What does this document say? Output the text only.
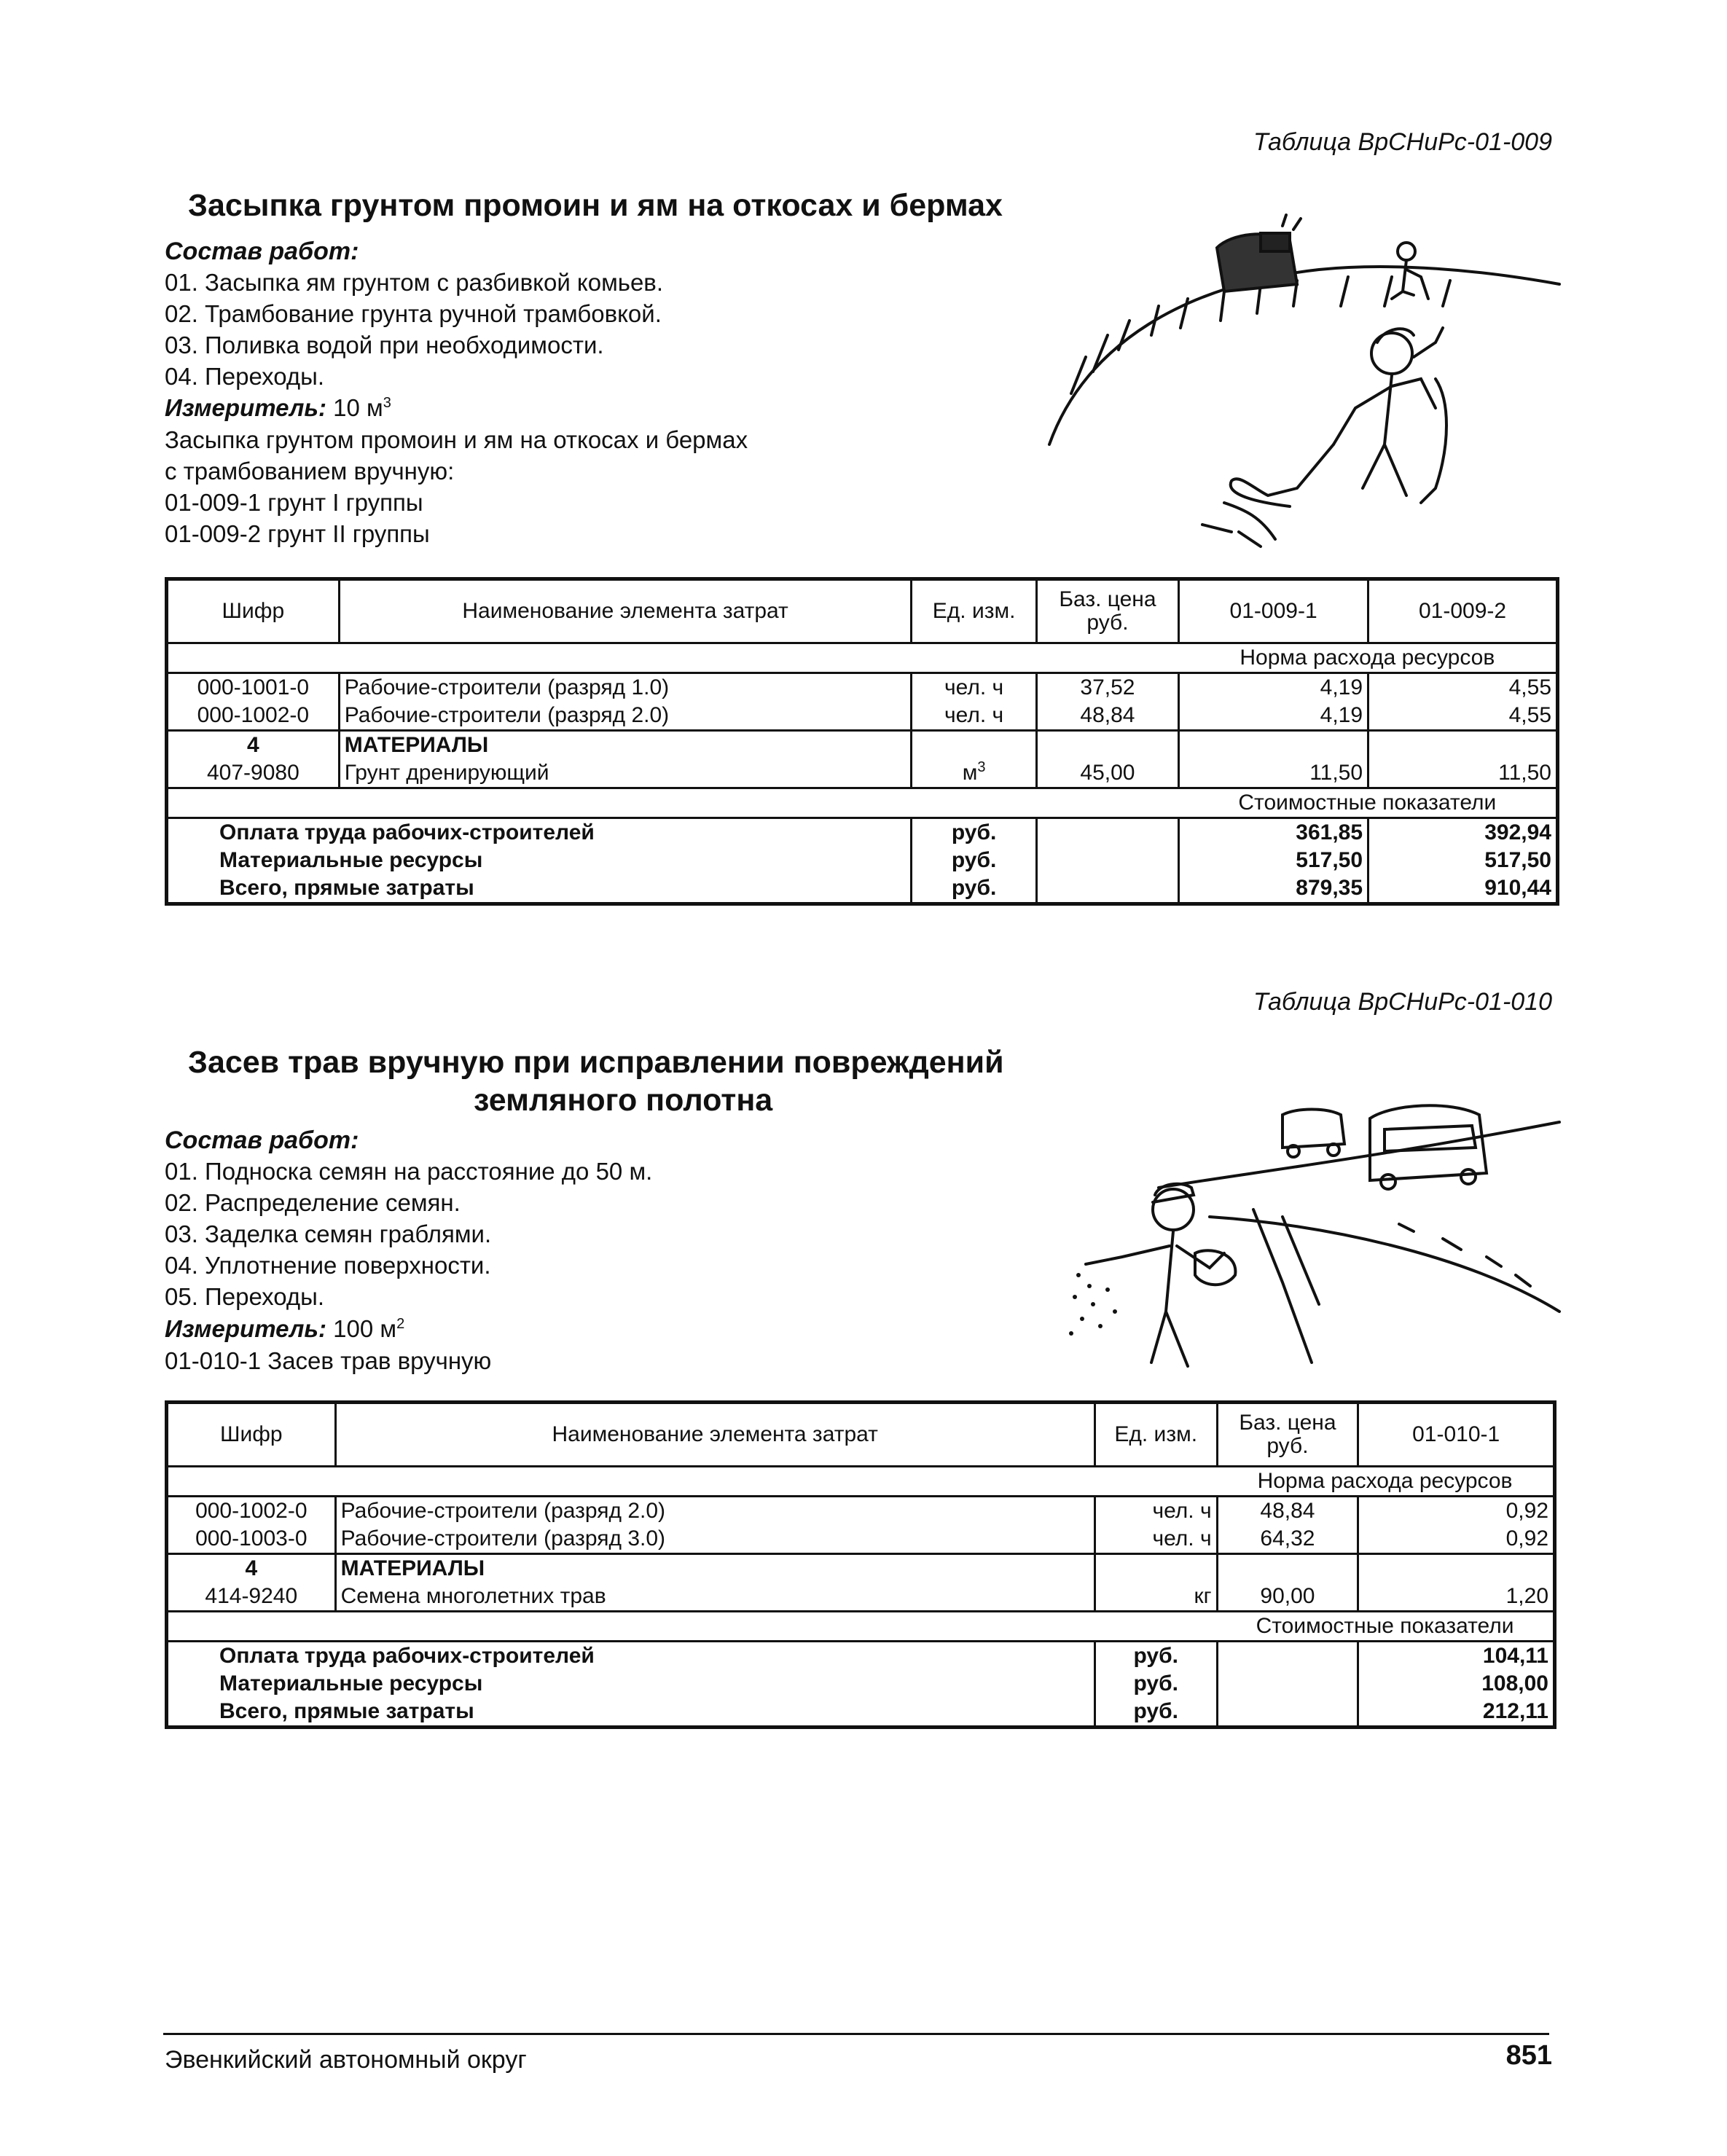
Таблица ВрСНиРс-01-009
Засыпка грунтом промоин и ям на откосах и бермах
Состав работ:
01. Засыпка ям грунтом с разбивкой комьев.
02. Трамбование грунта ручной трамбовкой.
03. Поливка водой при необходимости.
04. Переходы.
Измеритель: 10 $м^3$
Засыпка грунтом промоин и ям на откосах и бермах
с трамбованием вручную:
01-009-1 грунт I группы
01-009-2 грунт II группы
Шифр	Наименование элемента затрат	Ед. изм.	Баз. цена руб.	01-009-1	01-009-2
				Норма расхода ресурсов	
000-1001-0	Рабочие-строители (разряд 1.0)	чел. ч	37,52	4,19	4,55
000-1002-0	Рабочие-строители (разряд 2.0)	чел. ч	48,84	4,19	4,55
4	МАТЕРИАЛЫ				
407-9080	Грунт дренирующий	$м^3$	45,00	11,50	11,50
				Стоимостные показатели	
Оплата труда рабочих-строителей		руб.		361,85	392,94
Материальные ресурсы		руб.		517,50	517,50
Всего, прямые затраты		руб.		879,35	910,44
Таблица ВрСНиРс-01-010
Засев трав вручную при исправлении повреждений
земляного полотна
Состав работ:
01. Подноска семян на расстояние до 50 м.
02. Распределение семян.
03. Заделка семян граблями.
04. Уплотнение поверхности.
05. Переходы.
Измеритель: 100 $м^2$
01-010-1 Засев трав вручную
Шифр	Наименование элемента затрат	Ед. изм.	Баз. цена руб.	01-010-1
			Норма расхода ресурсов	
000-1002-0	Рабочие-строители (разряд 2.0)	чел. ч	48,84	0,92
000-1003-0	Рабочие-строители (разряд 3.0)	чел. ч	64,32	0,92
4	МАТЕРИАЛЫ			
414-9240	Семена многолетних трав	кг	90,00	1,20
			Стоимостные показатели	
Оплата труда рабочих-строителей		руб.		104,11
Материальные ресурсы		руб.		108,00
Всего, прямые затраты		руб.		212,11
Эвенкийский автономный округ	851
